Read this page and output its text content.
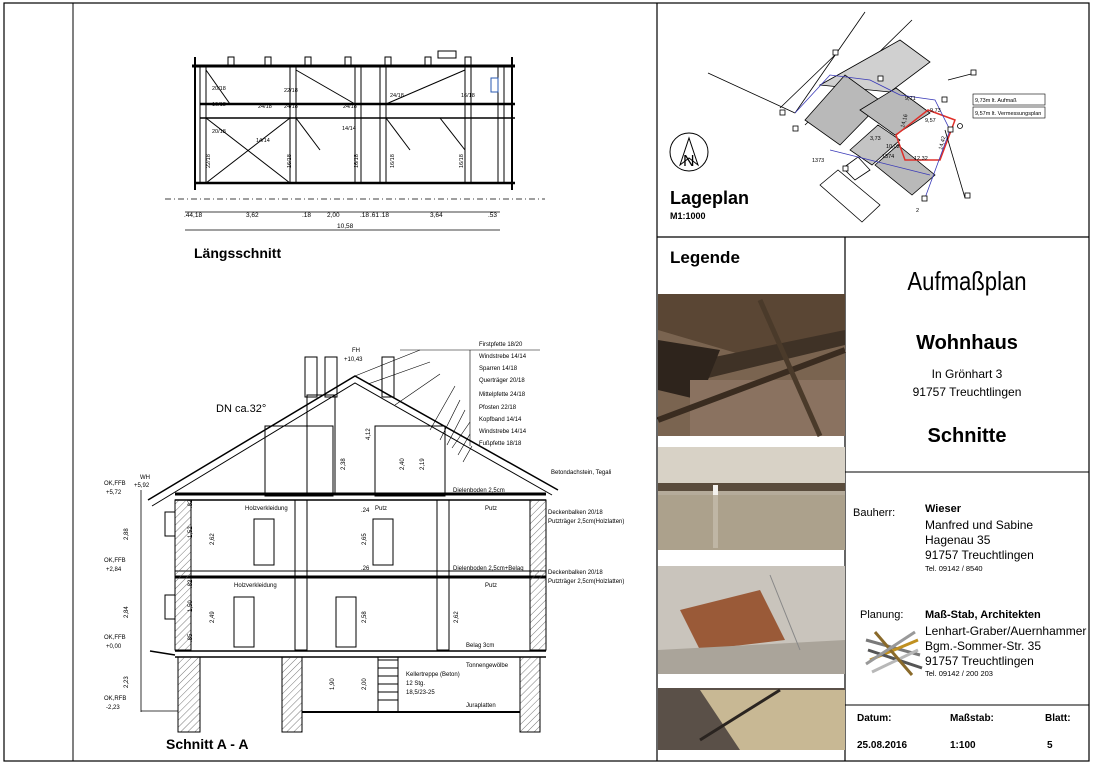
20/18
16/18
20/18
24/18 24/18
22/18
24/18
24/18	16/18
14/14
14/14
22/18	16/18	16/18	16/18	16/18
.44,18	3,62	.18 2,00	.18 .61 .18	3,64	.53
10,58
Firstpfette 18/20
Windstrebe 14/14
Sparren 14/18
Querträger 20/18
Mittelpfette 24/18
Pfosten 22/18
Kopfband 14/14
Windstrebe 14/14
Fußpfette 18/18
FH
+10,43
WH
+5,92
OK,FFB
+5,72
OK,FFB
+2,84
OK,FFB
+0,00
OK,RFB
-2,23
2,88
2,84
2,23
1,52
2,62	2,65
1,50
2,49	2,58	2,62
1,90	2,00
2,38	2,40 2,19
4,12
.85
.24
.26
.82
.82
Holzverkleidung	Putz	Putz
Holzverkleidung	Putz
Dielenboden 2,5cm
Dielenboden 2,5cm+Belag
Deckenbalken 20/18
Putzträger 2,5cm(Holzlatten)
Deckenbalken 20/18
Putzträger 2,5cm(Holzlatten)
Betondachstein, Tegali
Belag 3cm
Tonnengewölbe
Kellertreppe (Beton)
12 Stg.
18,5/23-25
Juraplatten
DN ca.32°
9,73
9,71
14,16	9,57
14,42
3,73
10,02
12,32
2
1373
1374
9,73m lt. Aufmaß
9,57m lt. Vermessungsplan
N
Längsschnitt
Schnitt A - A
Lageplan
M1:1000
Legende
Aufmaßplan
Wohnhaus
In Grönhart 3
91757 Treuchtlingen
Schnitte
Bauherr:	Wieser
Manfred und Sabine
Hagenau 35
91757 Treuchtlingen
Tel. 09142 / 8540
Planung: Maß-Stab, Architekten
Lenhart-Graber/Auernhammer
Bgm.-Sommer-Str. 35
91757 Treuchtlingen
Tel. 09142 / 200 203
Datum:
25.08.2016
Maßstab:
1:100
Blatt:
5
